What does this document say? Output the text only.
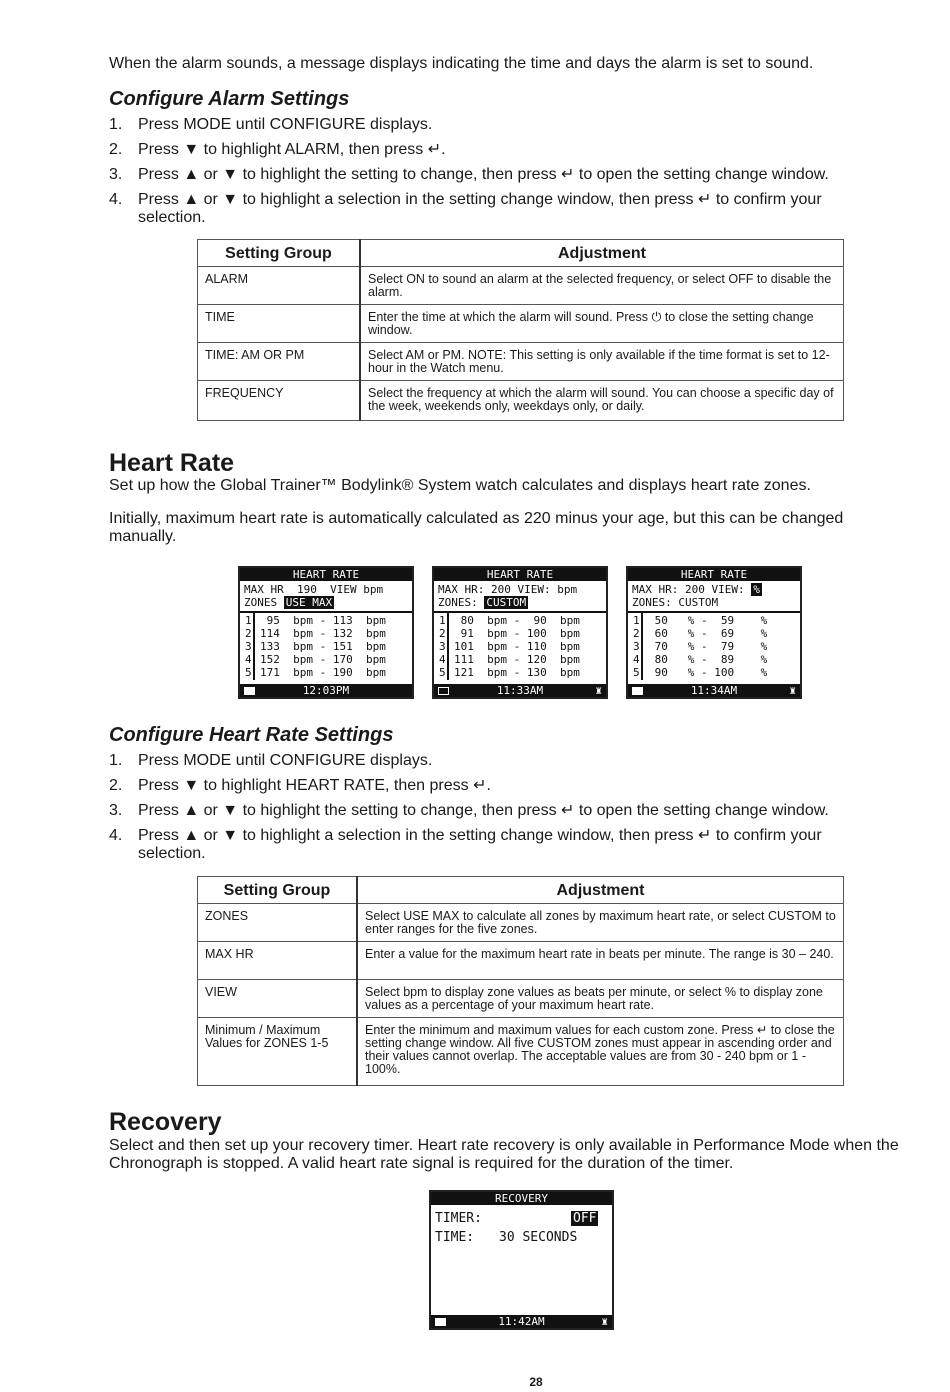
When the alarm sounds, a message displays indicating the time and days the alarm is set to sound.

Configure Alarm Settings
1. Press MODE until CONFIGURE displays.
2. Press ▼ to highlight ALARM, then press ↵.
3. Press ▲ or ▼ to highlight the setting to change, then press ↵ to open the setting change window.
4. Press ▲ or ▼ to highlight a selection in the setting change window, then press ↵ to confirm your selection.
Setting Group	Adjustment
ALARM	Select ON to sound an alarm at the selected frequency, or select OFF to disable the alarm.
TIME	Enter the time at which the alarm will sound. Press ⏻ to close the setting change window.
TIME: AM OR PM	Select AM or PM. NOTE: This setting is only available if the time format is set to 12-hour in the Watch menu.
FREQUENCY	Select the frequency at which the alarm will sound. You can choose a specific day of the week, weekends only, weekdays only, or daily.
Heart Rate

Set up how the Global Trainer™ Bodylink® System watch calculates and displays heart rate zones.

Initially, maximum heart rate is automatically calculated as 220 minus your age, but this can be changed manually.

HEART RATE
MAX HR  190  VIEW bpm
ZONES USE MAX
1 95  bpm - 113  bpm
2 114  bpm - 132  bpm
3 133  bpm - 151  bpm
4 152  bpm - 170  bpm
5 171  bpm - 190  bpm
12:03PM
HEART RATE
MAX HR: 200 VIEW: bpm
ZONES: CUSTOM
1 80  bpm -  90  bpm
2 91  bpm - 100  bpm
3 101  bpm - 110  bpm
4 111  bpm - 120  bpm
5 121  bpm - 130  bpm
11:33AM	♜
HEART RATE
MAX HR: 200 VIEW: %
ZONES: CUSTOM
1 50   % -  59    %
2 60   % -  69    %
3 70   % -  79    %
4 80   % -  89    %
5 90   % - 100    %
11:34AM	♜
Configure Heart Rate Settings
1. Press MODE until CONFIGURE displays.
2. Press ▼ to highlight HEART RATE, then press ↵.
3. Press ▲ or ▼ to highlight the setting to change, then press ↵ to open the setting change window.
4. Press ▲ or ▼ to highlight a selection in the setting change window, then press ↵ to confirm your selection.
Setting Group	Adjustment
ZONES	Select USE MAX to calculate all zones by maximum heart rate, or select CUSTOM to enter ranges for the five zones.
MAX HR	Enter a value for the maximum heart rate in beats per minute. The range is 30 – 240.
VIEW	Select bpm to display zone values as beats per minute, or select % to display zone values as a percentage of your maximum heart rate.
Minimum / Maximum Values for ZONES 1-5	Enter the minimum and maximum values for each custom zone. Press ↵ to close the setting change window. All five CUSTOM zones must appear in ascending order and their values cannot overlap. The acceptable values are from 30 - 240 bpm or 1 - 100%.
Recovery

Select and then set up your recovery timer. Heart rate recovery is only available in Performance Mode when the Chronograph is stopped. A valid heart rate signal is required for the duration of the timer.

RECOVERY
TIMER:	OFF
TIME: 30 SECONDS
11:42AM	♜
28
